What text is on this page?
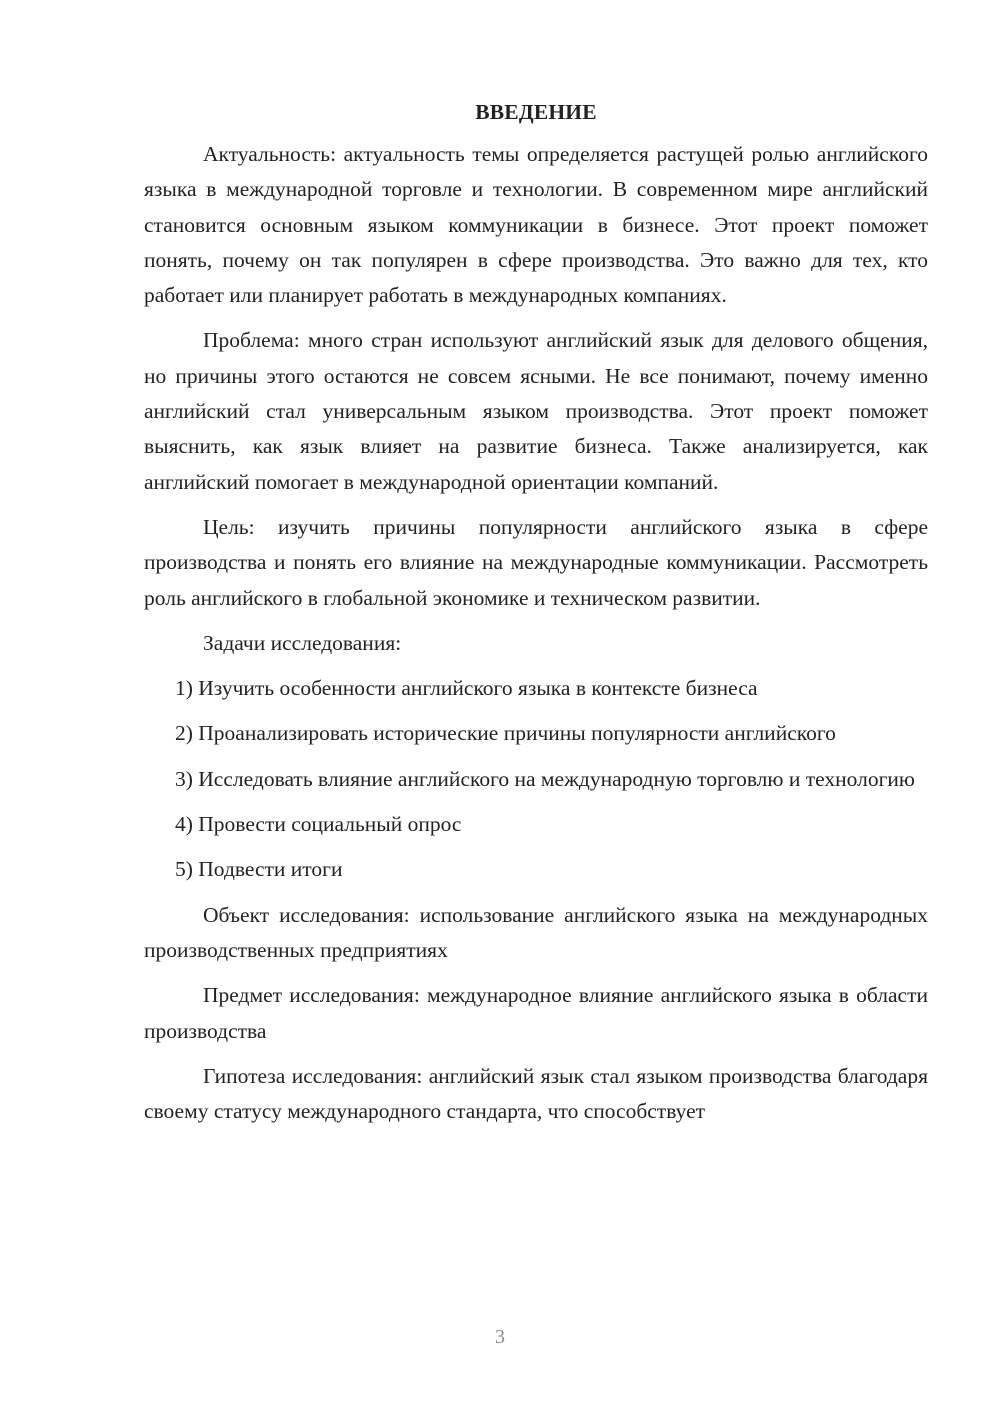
ВВЕДЕНИЕ
Актуальность: актуальность темы определяется растущей ролью английского языка в международной торговле и технологии. В современном мире английский становится основным языком коммуникации в бизнесе. Этот проект поможет понять, почему он так популярен в сфере производства. Это важно для тех, кто работает или планирует работать в международных компаниях.
Проблема: много стран используют английский язык для делового общения, но причины этого остаются не совсем ясными. Не все понимают, почему именно английский стал универсальным языком производства. Этот проект поможет выяснить, как язык влияет на развитие бизнеса. Также анализируется, как английский помогает в международной ориентации компаний.
Цель: изучить причины популярности английского языка в сфере производства и понять его влияние на международные коммуникации. Рассмотреть роль английского в глобальной экономике и техническом развитии.
Задачи исследования:
1) Изучить особенности английского языка в контексте бизнеса
2) Проанализировать исторические причины популярности английского
3) Исследовать влияние английского на международную торговлю и технологию
4) Провести социальный опрос
5) Подвести итоги
Объект исследования: использование английского языка на международных производственных предприятиях
Предмет исследования: международное влияние английского языка в области производства
Гипотеза исследования: английский язык стал языком производства благодаря своему статусу международного стандарта, что способствует
3
